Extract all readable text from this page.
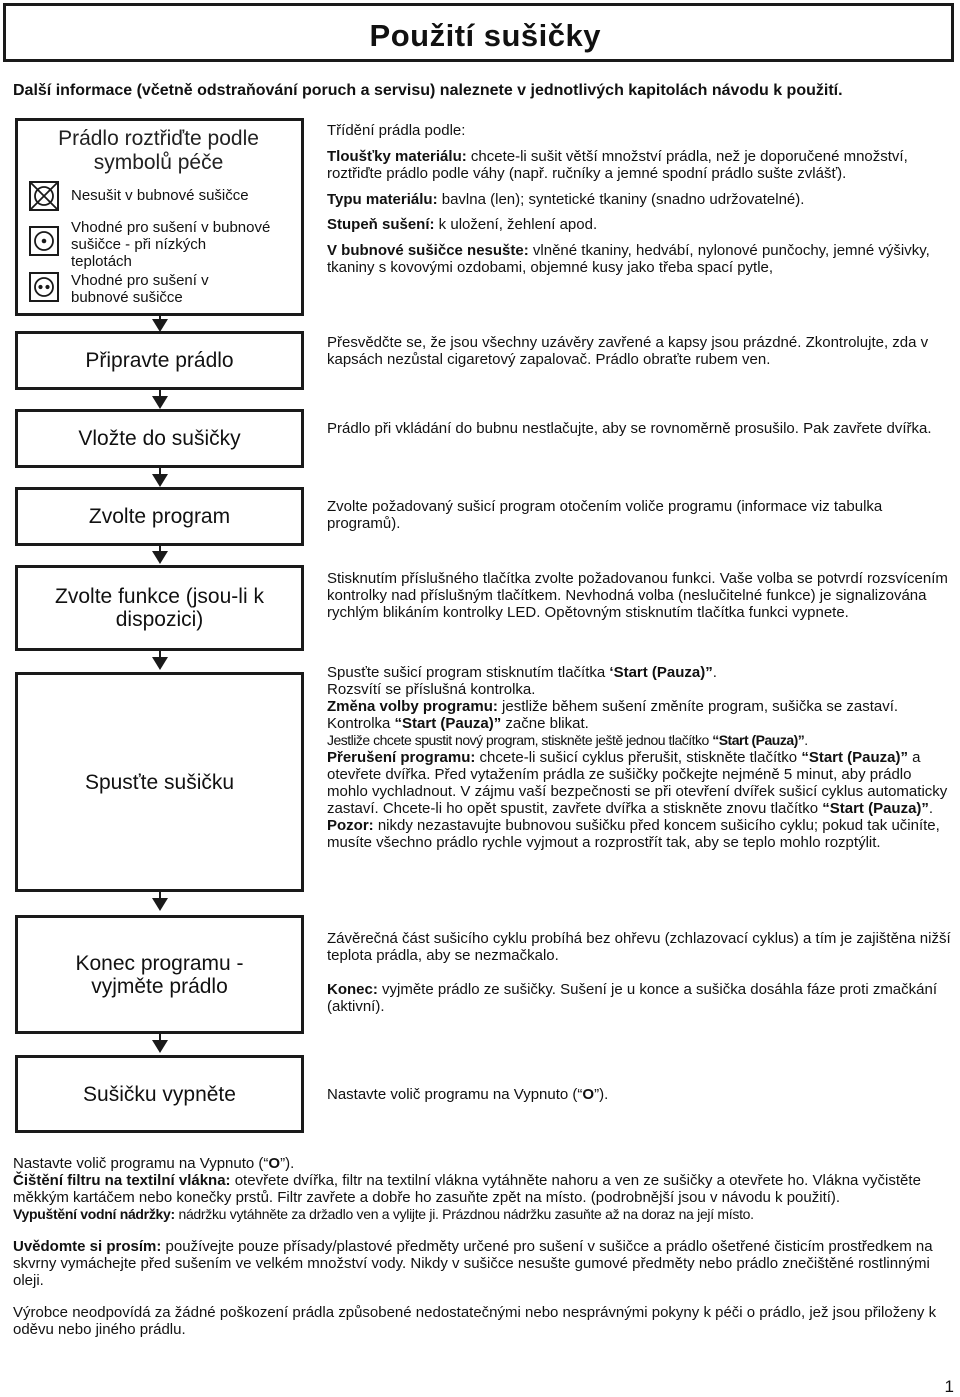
Použití sušičky
Další informace (včetně odstraňování poruch a servisu) naleznete v jednotlivých kapitolách návodu k použití.
Prádlo roztřiďte podle symbolů péče
Nesušit v bubnové sušičce
Vhodné pro sušení v bubnové sušičce - při nízkých teplotách
Vhodné pro sušení v bubnové sušičce

Třídění prádla podle:

Tloušťky materiálu: chcete-li sušit větší množství prádla, než je doporučené množství, roztřiďte prádlo podle váhy (např. ručníky a jemné spodní prádlo sušte zvlášť).

Typu materiálu: bavlna (len); syntetické tkaniny (snadno udržovatelné).

Stupeň sušení: k uložení, žehlení apod.

V bubnové sušičce nesušte: vlněné tkaniny, hedvábí, nylonové punčochy, jemné výšivky, tkaniny s kovovými ozdobami, objemné kusy jako třeba spací pytle,

Připravte prádlo
Vložte do sušičky
Zvolte program
Zvolte funkce (jsou-li k dispozici)
Spusťte sušičku
Konec programu - vyjměte prádlo
Sušičku vypněte
Přesvědčte se, že jsou všechny uzávěry zavřené a kapsy jsou prázdné. Zkontrolujte, zda v kapsách nezůstal cigaretový zapalovač. Prádlo obraťte rubem ven.
Prádlo při vkládání do bubnu nestlačujte, aby se rovnoměrně prosušilo. Pak zavřete dvířka.
Zvolte požadovaný sušicí program otočením voliče programu (informace viz tabulka programů).
Stisknutím příslušného tlačítka zvolte požadovanou funkci. Vaše volba se potvrdí rozsvícením kontrolky nad příslušným tlačítkem. Nevhodná volba (neslučitelné funkce) je signalizována rychlým blikáním kontrolky LED. Opětovným stisknutím tlačítka funkci vypnete.

Spusťte sušicí program stisknutím tlačítka ‘Start (Pauza)”.

Rozsvítí se příslušná kontrolka.

Změna volby programu: jestliže během sušení změníte program, sušička se zastaví. Kontrolka “Start (Pauza)” začne blikat.

Jestliže chcete spustit nový program, stiskněte ještě jednou tlačítko “Start (Pauza)”.

Přerušení programu: chcete-li sušicí cyklus přerušit, stiskněte tlačítko “Start (Pauza)” a otevřete dvířka. Před vytažením prádla ze sušičky počkejte nejméně 5 minut, aby prádlo mohlo vychladnout. V zájmu vaší bezpečnosti se při otevření dvířek sušicí cyklus automaticky zastaví. Chcete-li ho opět spustit, zavřete dvířka a stiskněte znovu tlačítko “Start (Pauza)”.

Pozor: nikdy nezastavujte bubnovou sušičku před koncem sušicího cyklu; pokud tak učiníte, musíte všechno prádlo rychle vyjmout a rozprostřít tak, aby se teplo mohlo rozptýlit.

Závěrečná část sušicího cyklu probíhá bez ohřevu (zchlazovací cyklus) a tím je zajištěna nižší teplota prádla, aby se nezmačkalo.

Konec: vyjměte prádlo ze sušičky. Sušení je u konce a sušička dosáhla fáze proti zmačkání (aktivní).

Nastavte volič programu na Vypnuto (“O”).

Nastavte volič programu na Vypnuto (“O”).

Čištění filtru na textilní vlákna: otevřete dvířka, filtr na textilní vlákna vytáhněte nahoru a ven ze sušičky a otevřete ho. Vlákna vyčistěte měkkým kartáčem nebo konečky prstů. Filtr zavřete a dobře ho zasuňte zpět na místo. (podrobnější jsou v návodu k použití).

Vypuštění vodní nádržky: nádržku vytáhněte za držadlo ven a vylijte ji. Prázdnou nádržku zasuňte až na doraz na její místo.

Uvědomte si prosím: používejte pouze přísady/plastové předměty určené pro sušení v sušičce a prádlo ošetřené čisticím prostředkem na skvrny vymáchejte před sušením ve velkém množství vody. Nikdy v sušičce nesušte gumové předměty nebo prádlo znečištěné rostlinnými oleji.

Výrobce neodpovídá za žádné poškození prádla způsobené nedostatečnými nebo nesprávnými pokyny k péči o prádlo, jež jsou přiloženy k oděvu nebo jiného prádlu.

1
